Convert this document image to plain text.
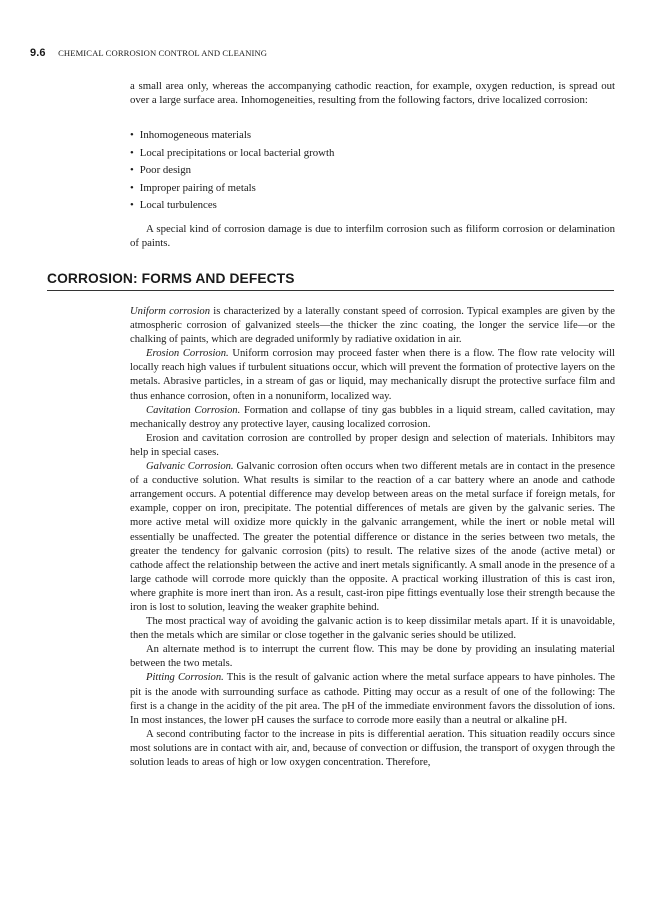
9.6 CHEMICAL CORROSION CONTROL AND CLEANING

a small area only, whereas the accompanying cathodic reaction, for example, oxygen reduction, is spread out over a large surface area. Inhomogeneities, resulting from the following factors, drive localized corrosion:

• Inhomogeneous materials
• Local precipitations or local bacterial growth
• Poor design
• Improper pairing of metals
• Local turbulences

A special kind of corrosion damage is due to interfilm corrosion such as filiform corrosion or delamination of paints.

CORROSION: FORMS AND DEFECTS

Uniform corrosion is characterized by a laterally constant speed of corrosion. Typical examples are given by the atmospheric corrosion of galvanized steels—the thicker the zinc coating, the longer the service life—or the chalking of paints, which are degraded uniformly by radiative oxidation in air.

Erosion Corrosion. Uniform corrosion may proceed faster when there is a flow. The flow rate velocity will locally reach high values if turbulent situations occur, which will prevent the formation of protective layers on the metals. Abrasive particles, in a stream of gas or liquid, may mechanically disrupt the protective surface film and thus enhance corrosion, often in a nonuniform, localized way.

Cavitation Corrosion. Formation and collapse of tiny gas bubbles in a liquid stream, called cavitation, may mechanically destroy any protective layer, causing localized corrosion.

Erosion and cavitation corrosion are controlled by proper design and selection of materials. Inhibitors may help in special cases.

Galvanic Corrosion. Galvanic corrosion often occurs when two different metals are in contact in the presence of a conductive solution. What results is similar to the reaction of a car battery where an anode and cathode arrangement occurs. A potential difference may develop between areas on the metal surface if foreign metals, for example, copper on iron, precipitate. The potential differences of metals are given by the galvanic series. The more active metal will oxidize more quickly in the galvanic arrangement, while the inert or noble metal will essentially be unaffected. The greater the potential difference or distance in the series between two metals, the greater the tendency for galvanic corrosion (pits) to result. The relative sizes of the anode (active metal) or cathode affect the relationship between the active and inert metals significantly. A small anode in the presence of a large cathode will corrode more quickly than the opposite. A practical working illustration of this is cast iron, where graphite is more inert than iron. As a result, cast-iron pipe fittings eventually lose their strength because the iron is lost to solution, leaving the weaker graphite behind.

The most practical way of avoiding the galvanic action is to keep dissimilar metals apart. If it is unavoidable, then the metals which are similar or close together in the galvanic series should be utilized.

An alternate method is to interrupt the current flow. This may be done by providing an insulating material between the two metals.

Pitting Corrosion. This is the result of galvanic action where the metal surface appears to have pinholes. The pit is the anode with surrounding surface as cathode. Pitting may occur as a result of one of the following: The first is a change in the acidity of the pit area. The pH of the immediate environment favors the dissolution of ions. In most instances, the lower pH causes the surface to corrode more easily than a neutral or alkaline pH.

A second contributing factor to the increase in pits is differential aeration. This situation readily occurs since most solutions are in contact with air, and, because of convection or diffusion, the transport of oxygen through the solution leads to areas of high or low oxygen concentration. Therefore,
